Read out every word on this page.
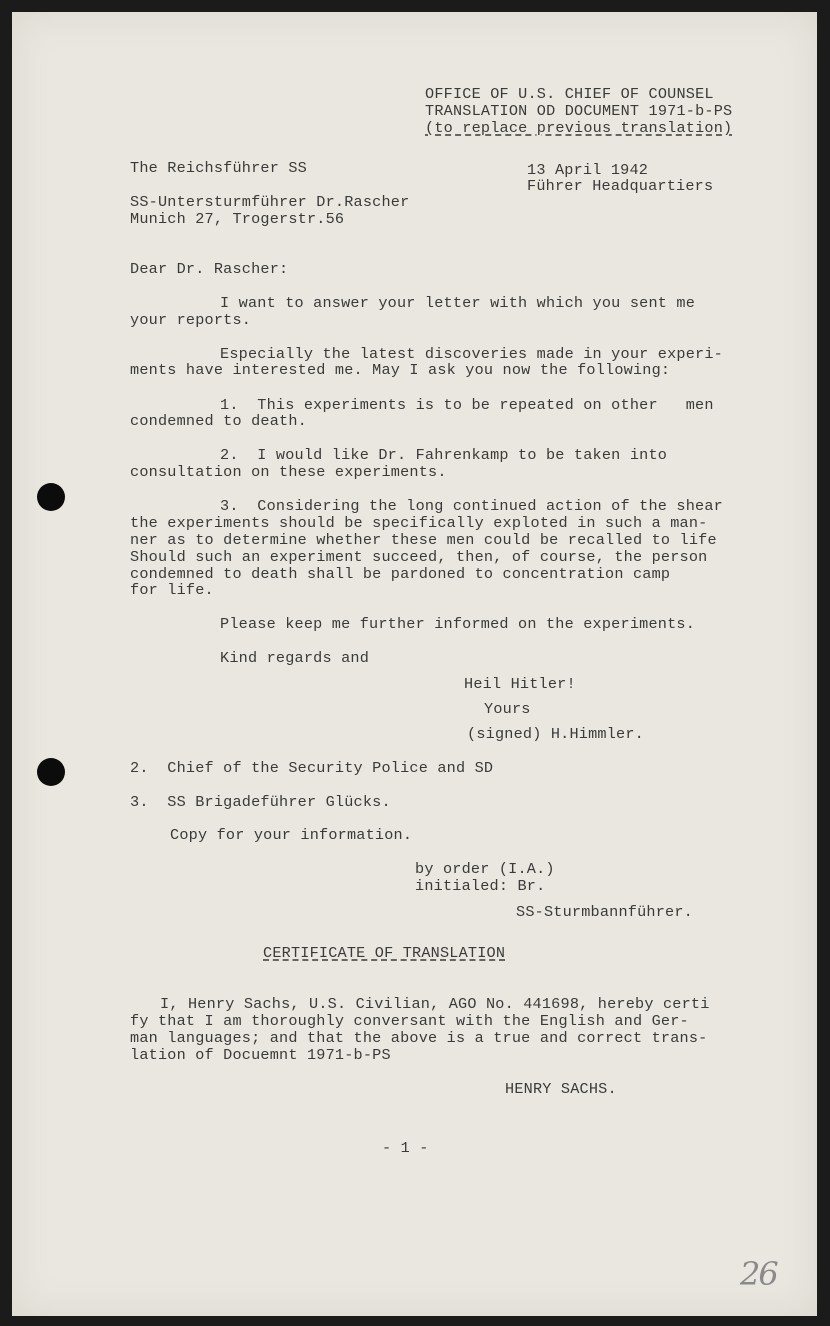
OFFICE OF U.S. CHIEF OF COUNSEL
TRANSLATION OD DOCUMENT 1971-b-PS
(to replace previous translation)
The Reichsführer SS	13 April 1942
Führer Headquartiers
SS-Untersturmführer Dr.Rascher
Munich 27, Trogerstr.56
Dear Dr. Rascher:
I want to answer your letter with which you sent me
your reports.
Especially the latest discoveries made in your experi-
ments have interested me. May I ask you now the following:
1.  This experiments is to be repeated on other   men
condemned to death.
2.  I would like Dr. Fahrenkamp to be taken into
consultation on these experiments.
3.  Considering the long continued action of the shear
the experiments should be specifically exploted in such a man-
ner as to determine whether these men could be recalled to life
Should such an experiment succeed, then, of course, the person
condemned to death shall be pardoned to concentration camp
for life.
Please keep me further informed on the experiments.
Kind regards and
Heil Hitler!
Yours
(signed) H.Himmler.
2.  Chief of the Security Police and SD
3.  SS Brigadeführer Glücks.
Copy for your information.
by order (I.A.)
initialed: Br.
SS-Sturmbannführer.
CERTIFICATE OF TRANSLATION
I, Henry Sachs, U.S. Civilian, AGO No. 441698, hereby certi
fy that I am thoroughly conversant with the English and Ger-
man languages; and that the above is a true and correct trans-
lation of Docuemnt 1971-b-PS
HENRY SACHS.
- 1 -
26
